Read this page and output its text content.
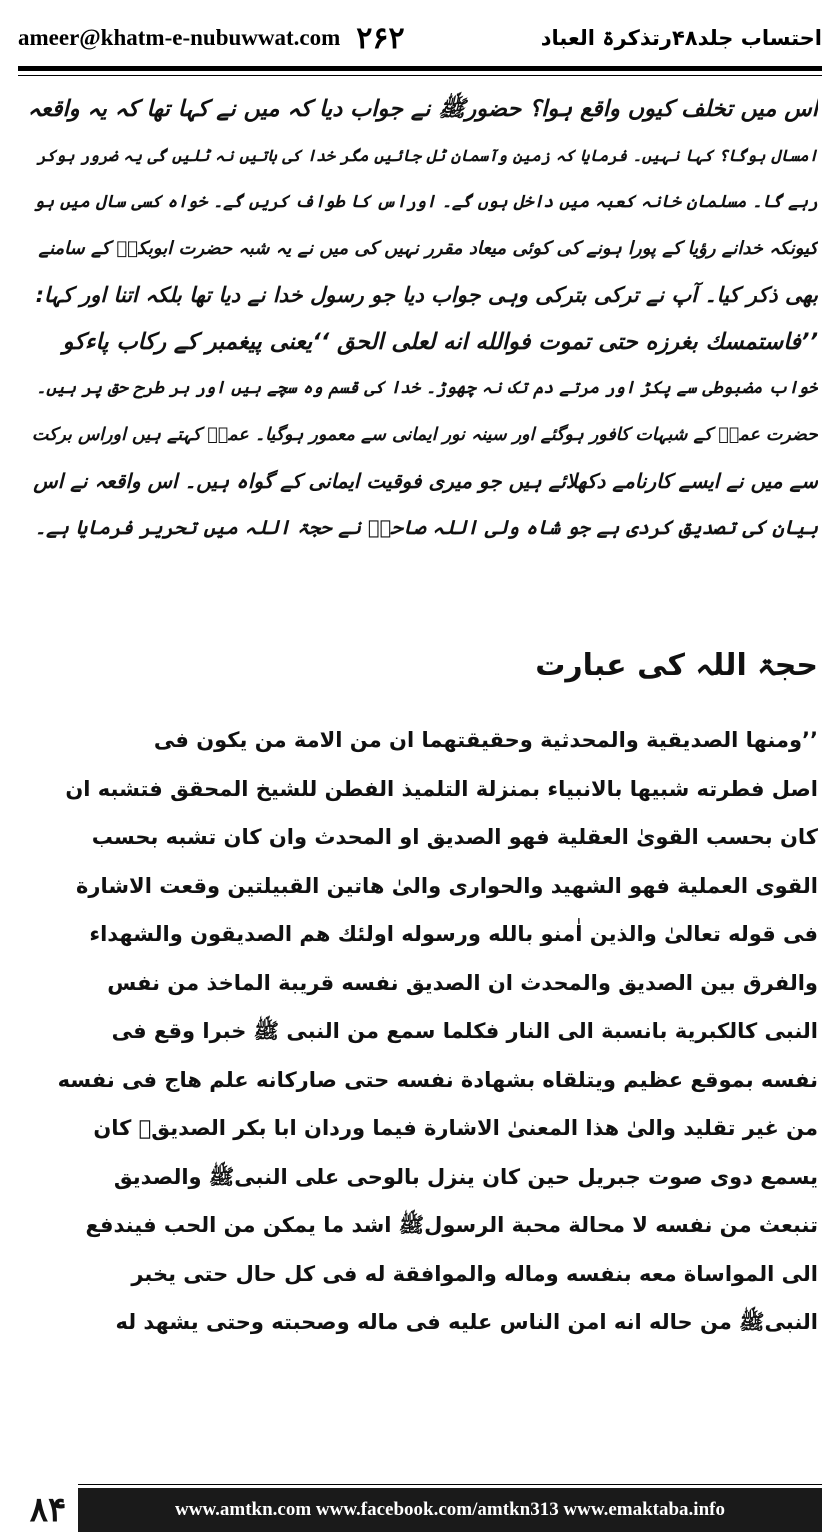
ameer@khatm-e-nubuwwat.com ۲۶۲	احتساب جلد۴۸رتذکرۃ العباد
اس میں تخلف کیوں واقع ہوا؟ حضورﷺ نے جواب دیا کہ میں نے کہا تھا کہ یہ واقعہ
امسال ہوگا؟ کہا نہیں۔ فرمایا کہ زمین وآسمان ٹل جائیں مگر خدا کی باتیں نہ ٹلیں گی یہ ضرور ہوکر
رہے گا۔ مسلمان خانہ کعبہ میں داخل ہوں گے۔ اوراس کا طواف کریں گے۔ خواہ کسی سال میں ہو
کیونکہ خدانے رؤیا کے پورا ہونے کی کوئی میعاد مقرر نہیں کی میں نے یہ شبہ حضرت ابوبکرؓ کے سامنے
بھی ذکر کیا۔ آپ نے ترکی بترکی وہی جواب دیا جو رسول خدا نے دیا تھا بلکہ اتنا اور کہا:
’’فاستمسك بغرزه حتى تموت فوالله انه لعلى الحق ‘‘یعنی پیغمبر کے رکاب پاءکو
خواب مضبوطی سے پکڑ اور مرتے دم تک نہ چھوڑ۔ خدا کی قسم وہ سچے ہیں اور ہر طرح حق پر ہیں۔
حضرت عمرؓ کے شبہات کافور ہوگئے اور سینہ نور ایمانی سے معمور ہوگیا۔ عمرؓ کہتے ہیں اوراس برکت
سے میں نے ایسے کارنامے دکھلائے ہیں جو میری فوقیت ایمانی کے گواہ ہیں۔ اس واقعہ نے اس
بیان کی تصدیق کردی ہے جو شاہ ولی اللہ صاحبؒ نے حجۃ اللہ میں تحریر فرمایا ہے۔
حجۃ اللہ کی عبارت
’’ومنها الصديقية والمحدثية وحقيقتهما ان من الامة من يكون فى
اصل فطرته شبيها بالانبياء بمنزلة التلميذ الفطن للشيخ المحقق فتشبه ان
كان بحسب القوىٰ العقلية فهو الصديق او المحدث وان كان تشبه بحسب
القوى العملية فهو الشهيد والحوارى والىٰ هاتين القبيلتين وقعت الاشارة
فى قوله تعالىٰ والذين اٰمنو بالله ورسوله اولئك هم الصديقون والشهداء
والفرق بين الصديق والمحدث ان الصديق نفسه قريبة الماخذ من نفس
النبى كالكبرية بانسبة الى النار فكلما سمع من النبى ﷺ خبرا وقع فى
نفسه بموقع عظيم ويتلقاه بشهادة نفسه حتى صاركانه علم هاج فى نفسه
من غير تقليد والىٰ هذا المعنىٰ الاشارة فيما وردان ابا بكر الصديقؓ كان
يسمع دوى صوت جبريل حين كان ينزل بالوحى على النبىﷺ والصديق
تنبعث من نفسه لا محالة محبة الرسولﷺ اشد ما يمكن من الحب فيندفع
الى المواساة معه بنفسه وماله والموافقة له فى كل حال حتى يخبر
النبىﷺ من حاله انه امن الناس عليه فى ماله وصحبته وحتى يشهد له
۸۴	www.amtkn.com www.facebook.com/amtkn313 www.emaktaba.info
